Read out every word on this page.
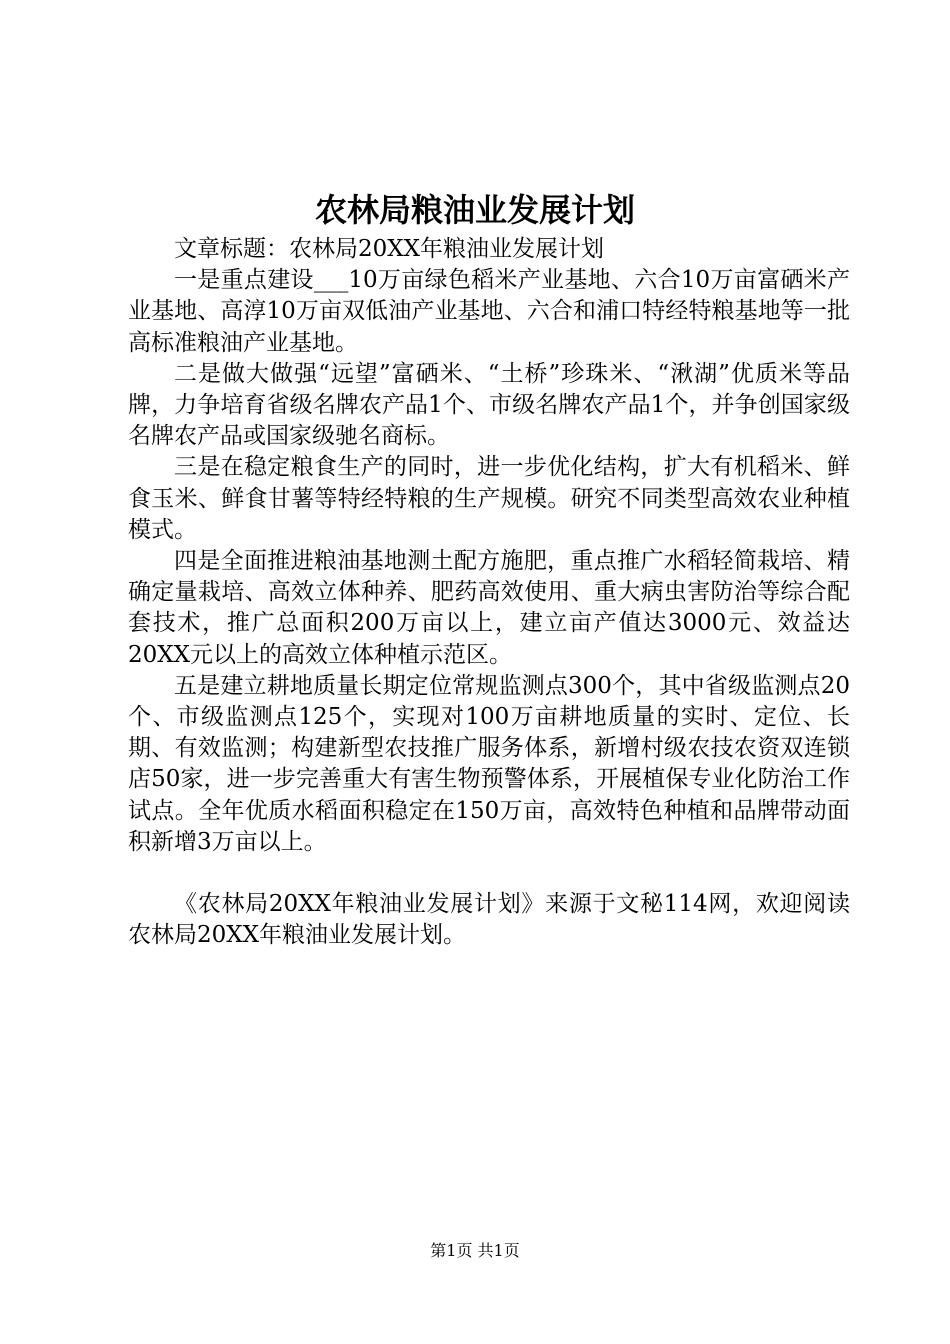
农林局粮油业发展计划

文章标题：农林局20XX年粮油业发展计划

一是重点建设___10万亩绿色稻米产业基地、六合10万亩富硒米产业基地、高淳10万亩双低油产业基地、六合和浦口特经特粮基地等一批高标准粮油产业基地。

二是做大做强“远望”富硒米、“土桥”珍珠米、“湫湖”优质米等品牌，力争培育省级名牌农产品1个、市级名牌农产品1个，并争创国家级名牌农产品或国家级驰名商标。

三是在稳定粮食生产的同时，进一步优化结构，扩大有机稻米、鲜食玉米、鲜食甘薯等特经特粮的生产规模。研究不同类型高效农业种植模式。

四是全面推进粮油基地测土配方施肥，重点推广水稻轻简栽培、精确定量栽培、高效立体种养、肥药高效使用、重大病虫害防治等综合配套技术，推广总面积200万亩以上，建立亩产值达3000元、效益达20XX元以上的高效立体种植示范区。

五是建立耕地质量长期定位常规监测点300个，其中省级监测点20个、市级监测点125个，实现对100万亩耕地质量的实时、定位、长期、有效监测；构建新型农技推广服务体系，新增村级农技农资双连锁店50家，进一步完善重大有害生物预警体系，开展植保专业化防治工作试点。全年优质水稻面积稳定在150万亩，高效特色种植和品牌带动面积新增3万亩以上。

《农林局20XX年粮油业发展计划》来源于文秘114网，欢迎阅读农林局20XX年粮油业发展计划。

第1页 共1页
